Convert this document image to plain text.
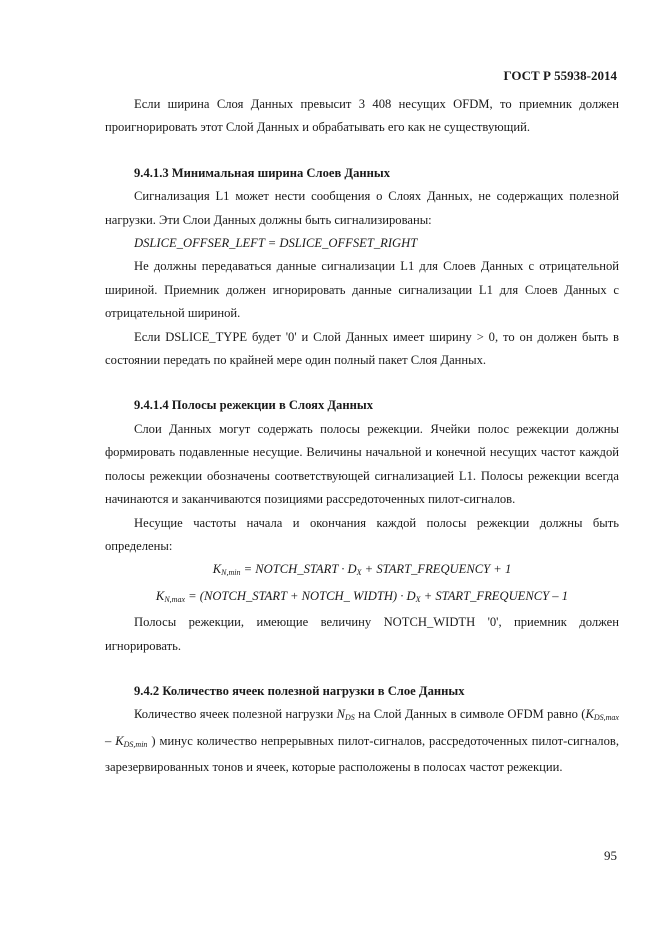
ГОСТ Р 55938-2014

Если ширина Слоя Данных превысит 3 408 несущих OFDM, то приемник должен проигнорировать этот Слой Данных и обрабатывать его как не существующий.

9.4.1.3 Минимальная ширина Слоев Данных

Сигнализация L1 может нести сообщения о Слоях Данных, не содержащих полезной нагрузки. Эти Слои Данных должны быть сигнализированы:

DSLICE_OFFSER_LEFT = DSLICE_OFFSET_RIGHT

Не должны передаваться данные сигнализации L1 для Слоев Данных с отрицательной шириной. Приемник должен игнорировать данные сигнализации L1 для Слоев Данных с отрицательной шириной.

Если DSLICE_TYPE будет '0' и Слой Данных имеет ширину > 0, то он должен быть в состоянии передать по крайней мере один полный пакет Слоя Данных.

9.4.1.4 Полосы режекции в Слоях Данных

Слои Данных могут содержать полосы режекции. Ячейки полос режекции должны формировать подавленные несущие. Величины начальной и конечной несущих частот каждой полосы режекции обозначены соответствующей сигнализацией L1. Полосы режекции всегда начинаются и заканчиваются позициями рассредоточенных пилот-сигналов.

Несущие частоты начала и окончания каждой полосы режекции должны быть определены:

$K_{N,min}$ = NOTCH_START · $D_X$ + START_FREQUENCY + 1
$K_{N,max}$ = (NOTCH_START + NOTCH_ WIDTH) · $D_X$ + START_FREQUENCY – 1

Полосы режекции, имеющие величину NOTCH_WIDTH '0', приемник должен игнорировать.

9.4.2 Количество ячеек полезной нагрузки в Слое Данных

Количество ячеек полезной нагрузки $N_{DS}$ на Слой Данных в символе OFDM равно ($K_{DS,max} - K_{DS,min}$ ) минус количество непрерывных пилот-сигналов, рассредоточенных пилот-сигналов, зарезервированных тонов и ячеек, которые расположены в полосах частот режекции.

95
